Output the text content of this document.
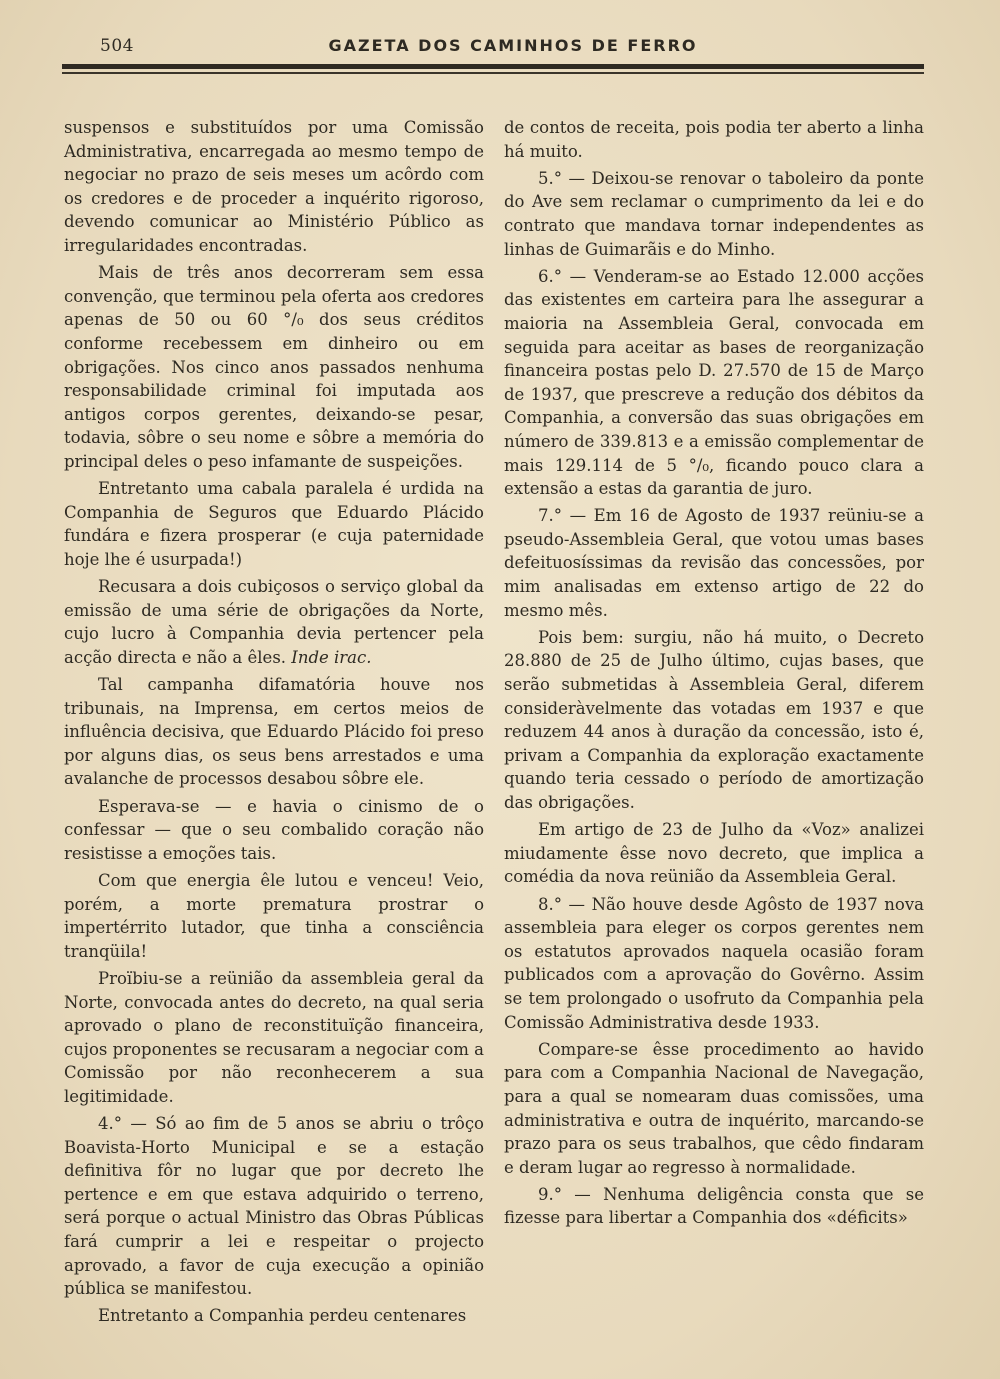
504	GAZETA DOS CAMINHOS DE FERRO

suspensos e substituídos por uma Comissão Administrativa, encarregada ao mesmo tempo de negociar no prazo de seis meses um acôrdo com os credores e de proceder a inquérito rigoroso, devendo comunicar ao Ministério Público as irregularidades encontradas.

Mais de três anos decorreram sem essa convenção, que terminou pela oferta aos credores apenas de 50 ou 60 °/₀ dos seus créditos conforme recebessem em dinheiro ou em obrigações. Nos cinco anos passados nenhuma responsabilidade criminal foi imputada aos antigos corpos gerentes, deixando-se pesar, todavia, sôbre o seu nome e sôbre a memória do principal deles o peso infamante de suspeições.

Entretanto uma cabala paralela é urdida na Companhia de Seguros que Eduardo Plácido fundára e fizera prosperar (e cuja paternidade hoje lhe é usurpada!)

Recusara a dois cubiçosos o serviço global da emissão de uma série de obrigações da Norte, cujo lucro à Companhia devia pertencer pela acção directa e não a êles. Inde irac.

Tal campanha difamatória houve nos tribunais, na Imprensa, em certos meios de influência decisiva, que Eduardo Plácido foi preso por alguns dias, os seus bens arrestados e uma avalanche de processos desabou sôbre ele.

Esperava-se — e havia o cinismo de o confessar — que o seu combalido coração não resistisse a emoções tais.

Com que energia êle lutou e venceu! Veio, porém, a morte prematura prostrar o impertérrito lutador, que tinha a consciência tranqüila!

Proïbiu-se a reünião da assembleia geral da Norte, convocada antes do decreto, na qual seria aprovado o plano de reconstituïção financeira, cujos proponentes se recusaram a negociar com a Comissão por não reconhecerem a sua legitimidade.

4.° — Só ao fim de 5 anos se abriu o trôço Boavista-Horto Municipal e se a estação definitiva fôr no lugar que por decreto lhe pertence e em que estava adquirido o terreno, será porque o actual Ministro das Obras Públicas fará cumprir a lei e respeitar o projecto aprovado, a favor de cuja execução a opinião pública se manifestou.

Entretanto a Companhia perdeu centenares

de contos de receita, pois podia ter aberto a linha há muito.

5.° — Deixou-se renovar o taboleiro da ponte do Ave sem reclamar o cumprimento da lei e do contrato que mandava tornar independentes as linhas de Guimarãis e do Minho.

6.° — Venderam-se ao Estado 12.000 acções das existentes em carteira para lhe assegurar a maioria na Assembleia Geral, convocada em seguida para aceitar as bases de reorganização financeira postas pelo D. 27.570 de 15 de Março de 1937, que prescreve a redução dos débitos da Companhia, a conversão das suas obrigações em número de 339.813 e a emissão complementar de mais 129.114 de 5 °/₀, ficando pouco clara a extensão a estas da garantia de juro.

7.° — Em 16 de Agosto de 1937 reüniu-se a pseudo-Assembleia Geral, que votou umas bases defeituosíssimas da revisão das concessões, por mim analisadas em extenso artigo de 22 do mesmo mês.

Pois bem: surgiu, não há muito, o Decreto 28.880 de 25 de Julho último, cujas bases, que serão submetidas à Assembleia Geral, diferem consideràvelmente das votadas em 1937 e que reduzem 44 anos à duração da concessão, isto é, privam a Companhia da exploração exactamente quando teria cessado o período de amortização das obrigações.

Em artigo de 23 de Julho da «Voz» analizei miudamente êsse novo decreto, que implica a comédia da nova reünião da Assembleia Geral.

8.° — Não houve desde Agôsto de 1937 nova assembleia para eleger os corpos gerentes nem os estatutos aprovados naquela ocasião foram publicados com a aprovação do Govêrno. Assim se tem prolongado o usofruto da Companhia pela Comissão Administrativa desde 1933.

Compare-se êsse procedimento ao havido para com a Companhia Nacional de Navegação, para a qual se nomearam duas comissões, uma administrativa e outra de inquérito, marcando-se prazo para os seus trabalhos, que cêdo findaram e deram lugar ao regresso à normalidade.

9.° — Nenhuma deligência consta que se fizesse para libertar a Companhia dos «déficits»
